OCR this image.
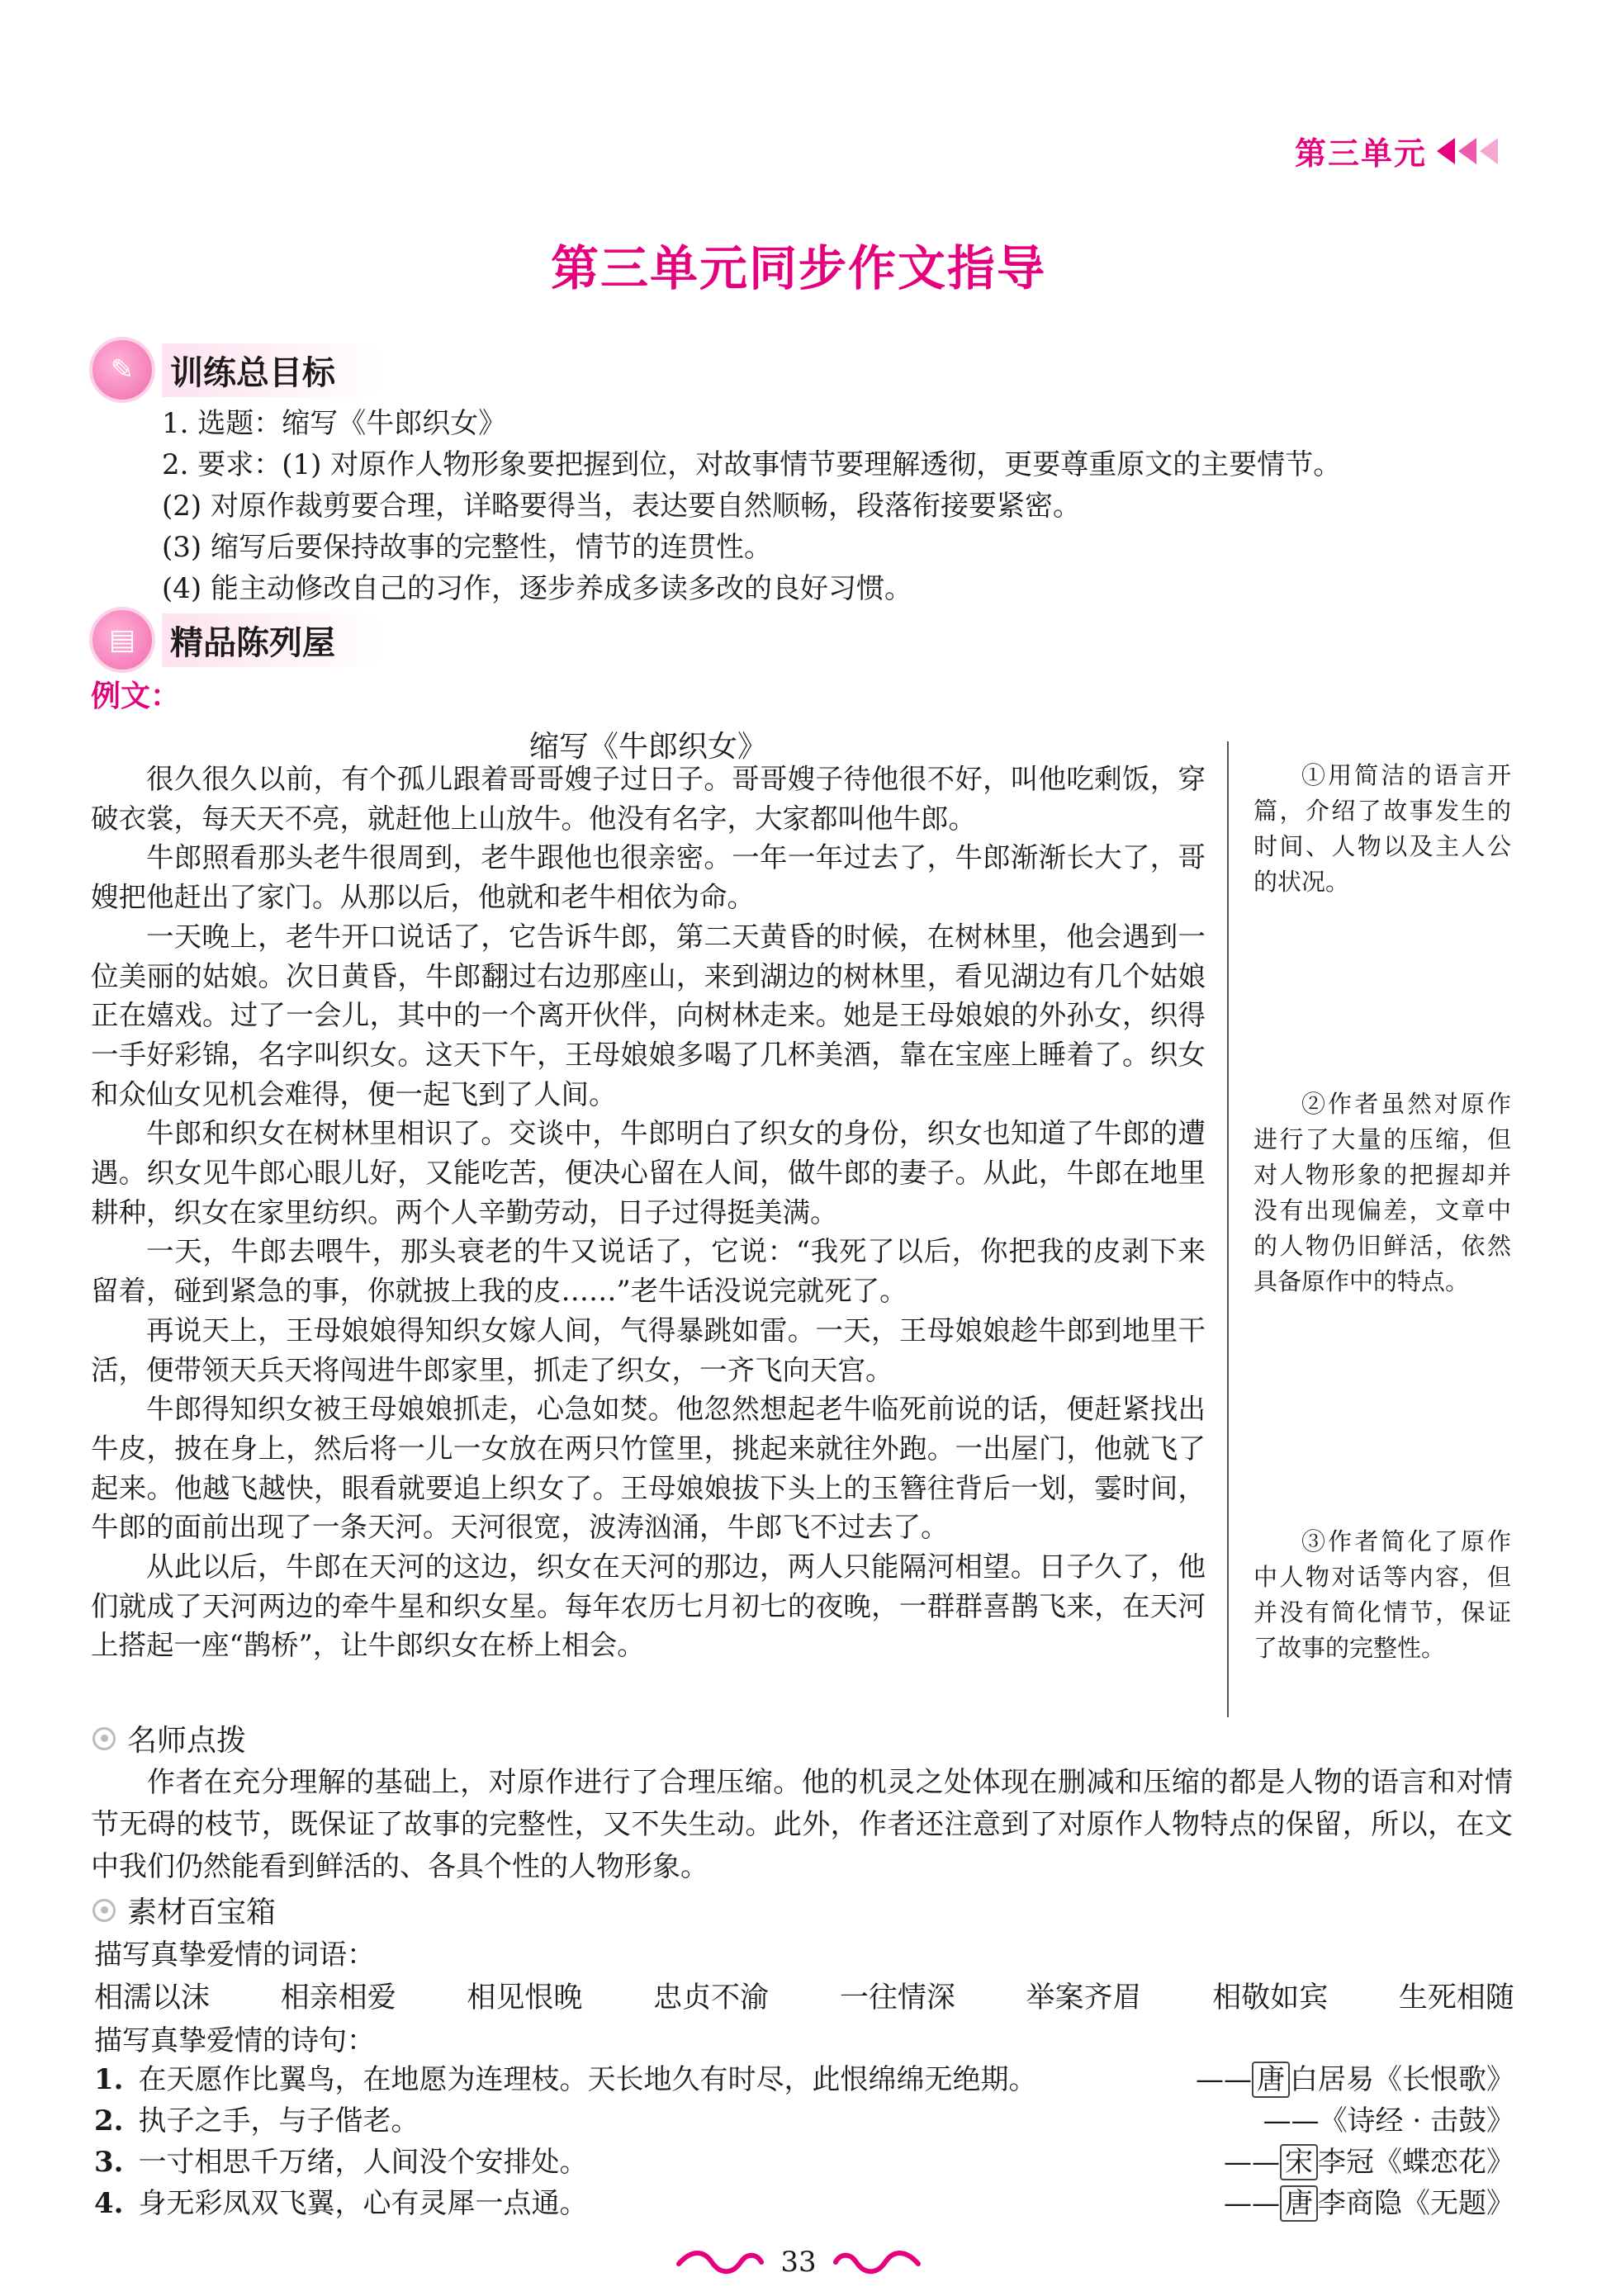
第三单元
第三单元同步作文指导
✎	训练总目标
1. 选题：缩写《牛郎织女》
2. 要求：(1) 对原作人物形象要把握到位，对故事情节要理解透彻，更要尊重原文的主要情节。
(2) 对原作裁剪要合理，详略要得当，表达要自然顺畅，段落衔接要紧密。
(3) 缩写后要保持故事的完整性，情节的连贯性。
(4) 能主动修改自己的习作，逐步养成多读多改的良好习惯。
▤	精品陈列屋
例文：
缩写《牛郎织女》

很久很久以前，有个孤儿跟着哥哥嫂子过日子。哥哥嫂子待他很不好，叫他吃剩饭，穿破衣裳，每天天不亮，就赶他上山放牛。他没有名字，大家都叫他牛郎。

牛郎照看那头老牛很周到，老牛跟他也很亲密。一年一年过去了，牛郎渐渐长大了，哥嫂把他赶出了家门。从那以后，他就和老牛相依为命。

一天晚上，老牛开口说话了，它告诉牛郎，第二天黄昏的时候，在树林里，他会遇到一位美丽的姑娘。次日黄昏，牛郎翻过右边那座山，来到湖边的树林里，看见湖边有几个姑娘正在嬉戏。过了一会儿，其中的一个离开伙伴，向树林走来。她是王母娘娘的外孙女，织得一手好彩锦，名字叫织女。这天下午，王母娘娘多喝了几杯美酒，靠在宝座上睡着了。织女和众仙女见机会难得，便一起飞到了人间。

牛郎和织女在树林里相识了。交谈中，牛郎明白了织女的身份，织女也知道了牛郎的遭遇。织女见牛郎心眼儿好，又能吃苦，便决心留在人间，做牛郎的妻子。从此，牛郎在地里耕种，织女在家里纺织。两个人辛勤劳动，日子过得挺美满。

一天，牛郎去喂牛，那头衰老的牛又说话了，它说：“我死了以后，你把我的皮剥下来留着，碰到紧急的事，你就披上我的皮……”老牛话没说完就死了。

再说天上，王母娘娘得知织女嫁人间，气得暴跳如雷。一天，王母娘娘趁牛郎到地里干活，便带领天兵天将闯进牛郎家里，抓走了织女，一齐飞向天宫。

牛郎得知织女被王母娘娘抓走，心急如焚。他忽然想起老牛临死前说的话，便赶紧找出牛皮，披在身上，然后将一儿一女放在两只竹筐里，挑起来就往外跑。一出屋门，他就飞了起来。他越飞越快，眼看就要追上织女了。王母娘娘拔下头上的玉簪往背后一划，霎时间，牛郎的面前出现了一条天河。天河很宽，波涛汹涌，牛郎飞不过去了。

从此以后，牛郎在天河的这边，织女在天河的那边，两人只能隔河相望。日子久了，他们就成了天河两边的牵牛星和织女星。每年农历七月初七的夜晚，一群群喜鹊飞来，在天河上搭起一座“鹊桥”，让牛郎织女在桥上相会。

①用简洁的语言开篇，介绍了故事发生的时间、人物以及主人公的状况。

②作者虽然对原作进行了大量的压缩，但对人物形象的把握却并没有出现偏差，文章中的人物仍旧鲜活，依然具备原作中的特点。

③作者简化了原作中人物对话等内容，但并没有简化情节，保证了故事的完整性。

名师点拨

作者在充分理解的基础上，对原作进行了合理压缩。他的机灵之处体现在删减和压缩的都是人物的语言和对情节无碍的枝节，既保证了故事的完整性，又不失生动。此外，作者还注意到了对原作人物特点的保留，所以，在文中我们仍然能看到鲜活的、各具个性的人物形象。

素材百宝箱
描写真挚爱情的词语：
相濡以沫 相亲相爱 相见恨晚 忠贞不渝 一往情深 举案齐眉 相敬如宾 生死相随
描写真挚爱情的诗句：
1. 在天愿作比翼鸟，在地愿为连理枝。天长地久有时尽，此恨绵绵无绝期。	—— 唐 白居易《长恨歌》
2. 执子之手，与子偕老。	——《诗经 · 击鼓》
3. 一寸相思千万绪，人间没个安排处。	—— 宋 李冠《蝶恋花》
4. 身无彩凤双飞翼，心有灵犀一点通。	—— 唐 李商隐《无题》
33
